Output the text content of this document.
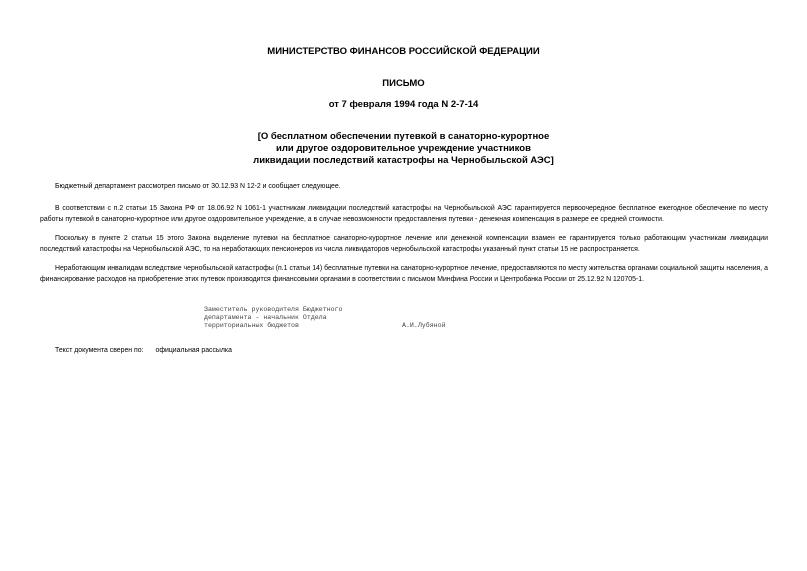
МИНИСТЕРСТВО ФИНАНСОВ РОССИЙСКОЙ ФЕДЕРАЦИИ

ПИСЬМО

от 7 февраля 1994 года N 2-7-14

[О бесплатном обеспечении путевкой в санаторно-курортное
или другое оздоровительное учреждение участников
ликвидации последствий катастрофы на Чернобыльской АЭС]

Бюджетный департамент рассмотрел письмо от 30.12.93 N 12-2 и сообщает следующее.

В соответствии с п.2 статьи 15 Закона РФ от 18.06.92 N 1061-1 участникам ликвидации последствий катастрофы на Чернобыльской АЭС гарантируется первоочередное бесплатное ежегодное обеспечение по месту работы путевкой в санаторно-курортное или другое оздоровительное учреждение, а в случае невозможности предоставления путевки - денежная компенсация в размере ее средней стоимости.

Поскольку в пункте 2 статьи 15 этого Закона выделение путевки на бесплатное санаторно-курортное лечение или денежной компенсации взамен ее гарантируется только работающим участникам ликвидации последствий катастрофы на Чернобыльской АЭС, то на неработающих пенсионеров из числа ликвидаторов чернобыльской катастрофы указанный пункт статьи 15 не распространяется.

Неработающим инвалидам вследствие чернобыльской катастрофы (п.1 статьи 14) бесплатные путевки на санаторно-курортное лечение, предоставляются по месту жительства органами социальной защиты населения, а финансирование расходов на приобретение этих путевок производится финансовыми органами в соответствии с письмом Минфина России и Центробанка России от 25.12.92 N 120705-1.

Заместитель руководителя Бюджетного
департамента - начальник Отдела
территориальных бюджетов	А.И.Лубяной
Текст документа сверен по: официальная рассылка
